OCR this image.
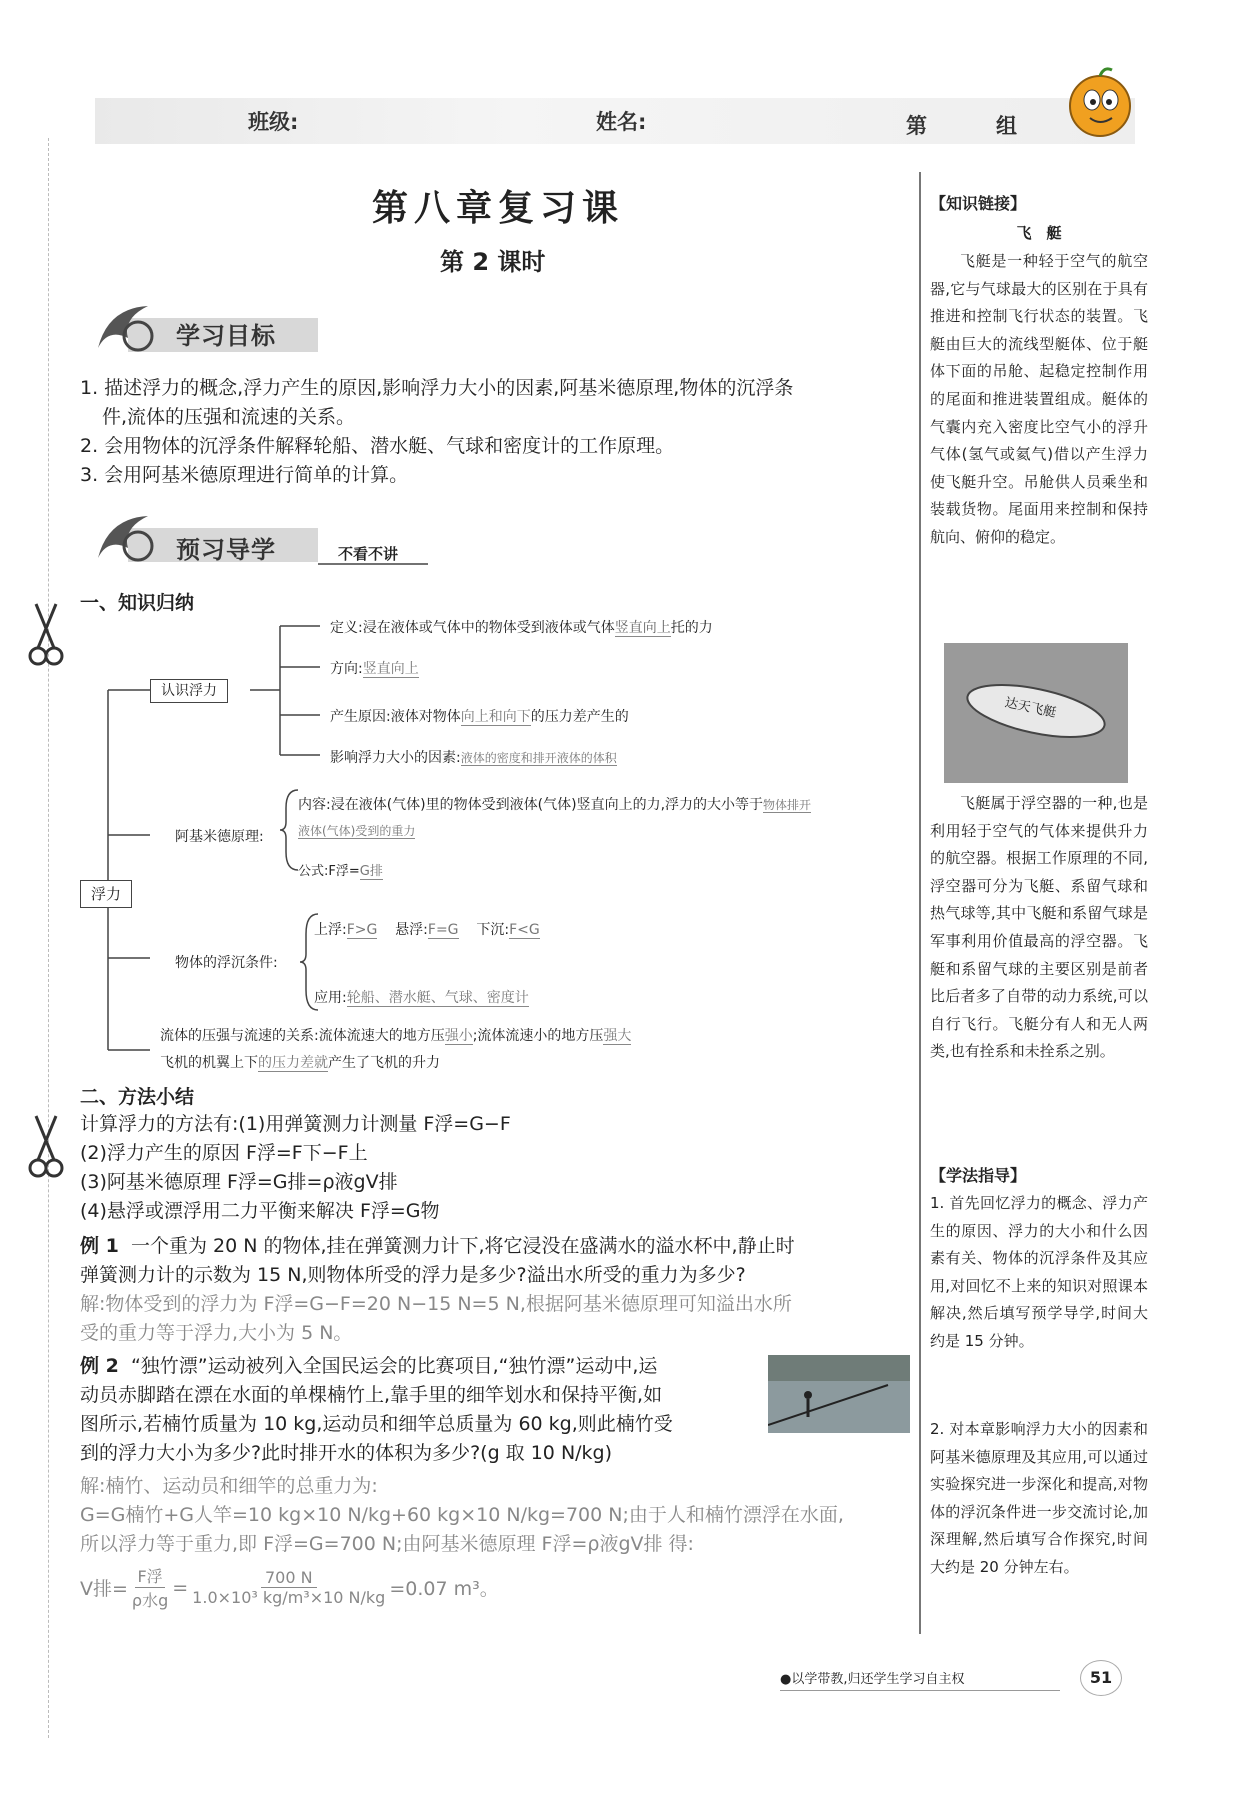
班级:	姓名:	第	组
第八章复习课
第 2 课时
学习目标
1. 描述浮力的概念,浮力产生的原因,影响浮力大小的因素,阿基米德原理,物体的沉浮条
件,流体的压强和流速的关系。
2. 会用物体的沉浮条件解释轮船、潜水艇、气球和密度计的工作原理。
3. 会用阿基米德原理进行简单的计算。
预习导学	不看不讲
一、知识归纳
认识浮力
浮力
定义:浸在液体或气体中的物体受到液体或气体竖直向上托的力
方向:竖直向上
产生原因:液体对物体向上和向下的压力差产生的
影响浮力大小的因素:液体的密度和排开液体的体积
阿基米德原理:
内容:浸在液体(气体)里的物体受到液体(气体)竖直向上的力,浮力的大小等于物体排开
液体(气体)受到的重力
公式:F浮=G排
物体的浮沉条件:
上浮:F>G 悬浮:F=G 下沉:F<G
应用:轮船、潜水艇、气球、密度计
流体的压强与流速的关系:流体流速大的地方压强小;流体流速小的地方压强大
飞机的机翼上下的压力差就产生了飞机的升力
二、方法小结
计算浮力的方法有:(1)用弹簧测力计测量 F浮=G−F
(2)浮力产生的原因 F浮=F下−F上
(3)阿基米德原理 F浮=G排=ρ液gV排
(4)悬浮或漂浮用二力平衡来解决 F浮=G物
例 1 一个重为 20 N 的物体,挂在弹簧测力计下,将它浸没在盛满水的溢水杯中,静止时
弹簧测力计的示数为 15 N,则物体所受的浮力是多少?溢出水所受的重力为多少?
解:物体受到的浮力为 F浮=G−F=20 N−15 N=5 N,根据阿基米德原理可知溢出水所
受的重力等于浮力,大小为 5 N。
例 2 “独竹漂”运动被列入全国民运会的比赛项目,“独竹漂”运动中,运
动员赤脚踏在漂在水面的单棵楠竹上,靠手里的细竿划水和保持平衡,如
图所示,若楠竹质量为 10 kg,运动员和细竿总质量为 60 kg,则此楠竹受
到的浮力大小为多少?此时排开水的体积为多少?(g 取 10 N/kg)
解:楠竹、运动员和细竿的总重力为:
G=G楠竹+G人竿=10 kg×10 N/kg+60 kg×10 N/kg=700 N;由于人和楠竹漂浮在水面,
所以浮力等于重力,即 F浮=G=700 N;由阿基米德原理 F浮=ρ液gV排 得:
V排=
F浮
ρ水g
= $\frac{700 N}{\text{1.0×10³ kg/m³×10 N/kg}} =0.07$ m³。
【知识链接】
飞　艇
飞艇是一种轻于空气的航空器,它与气球最大的区别在于具有推进和控制飞行状态的装置。飞艇由巨大的流线型艇体、位于艇体下面的吊舱、起稳定控制作用的尾面和推进装置组成。艇体的气囊内充入密度比空气小的浮升气体(氢气或氦气)借以产生浮力使飞艇升空。吊舱供人员乘坐和装载货物。尾面用来控制和保持航向、俯仰的稳定。
达天飞艇
飞艇属于浮空器的一种,也是利用轻于空气的气体来提供升力的航空器。根据工作原理的不同,浮空器可分为飞艇、系留气球和热气球等,其中飞艇和系留气球是军事利用价值最高的浮空器。飞艇和系留气球的主要区别是前者比后者多了自带的动力系统,可以自行飞行。飞艇分有人和无人两类,也有拴系和未拴系之别。
【学法指导】
1. 首先回忆浮力的概念、浮力产生的原因、浮力的大小和什么因素有关、物体的沉浮条件及其应用,对回忆不上来的知识对照课本解决,然后填写预学导学,时间大约是 15 分钟。
2. 对本章影响浮力大小的因素和阿基米德原理及其应用,可以通过实验探究进一步深化和提高,对物体的浮沉条件进一步交流讨论,加深理解,然后填写合作探究,时间大约是 20 分钟左右。
●以学带教,归还学生学习自主权	51
